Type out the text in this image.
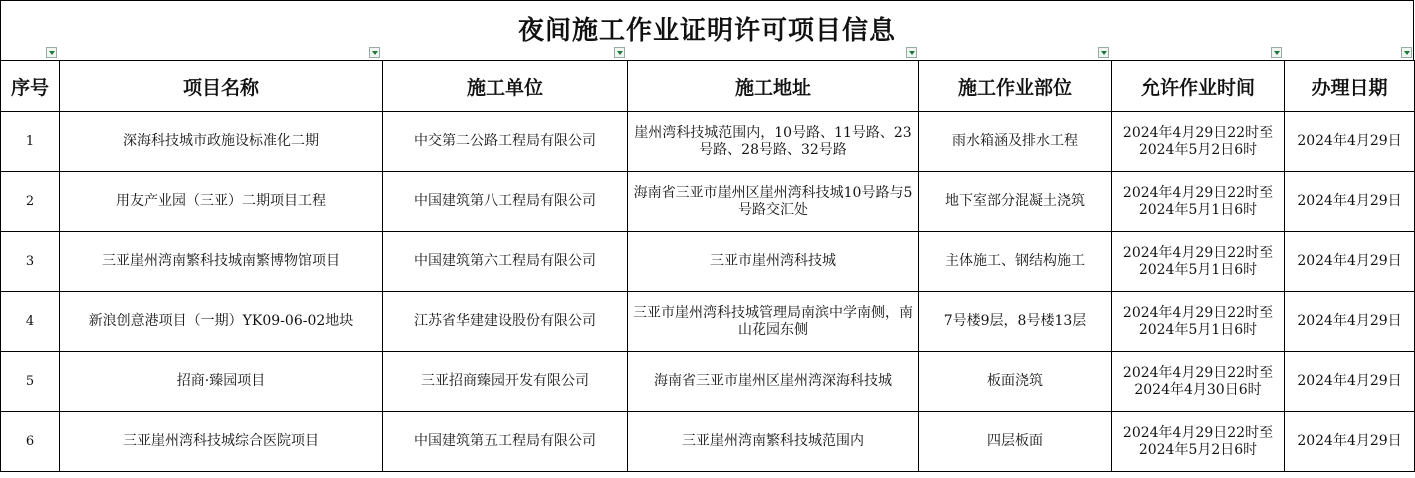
夜间施工作业证明许可项目信息
序号	项目名称	施工单位	施工地址	施工作业部位	允许作业时间	办理日期
1	深海科技城市政施设标准化二期	中交第二公路工程局有限公司	崖州湾科技城范围内，10号路、11号路、23号路、28号路、32号路	雨水箱涵及排水工程	2024年4月29日22时至2024年5月2日6时	2024年4月29日
2	用友产业园（三亚）二期项目工程	中国建筑第八工程局有限公司	海南省三亚市崖州区崖州湾科技城10号路与5号路交汇处	地下室部分混凝土浇筑	2024年4月29日22时至2024年5月1日6时	2024年4月29日
3	三亚崖州湾南繁科技城南繁博物馆项目	中国建筑第六工程局有限公司	三亚市崖州湾科技城	主体施工、钢结构施工	2024年4月29日22时至2024年5月1日6时	2024年4月29日
4	新浪创意港项目（一期）YK09-06-02地块	江苏省华建建设股份有限公司	三亚市崖州湾科技城管理局南滨中学南侧，南山花园东侧	7号楼9层，8号楼13层	2024年4月29日22时至2024年5月1日6时	2024年4月29日
5	招商·臻园项目	三亚招商臻园开发有限公司	海南省三亚市崖州区崖州湾深海科技城	板面浇筑	2024年4月29日22时至2024年4月30日6时	2024年4月29日
6	三亚崖州湾科技城综合医院项目	中国建筑第五工程局有限公司	三亚崖州湾南繁科技城范围内	四层板面	2024年4月29日22时至2024年5月2日6时	2024年4月29日
